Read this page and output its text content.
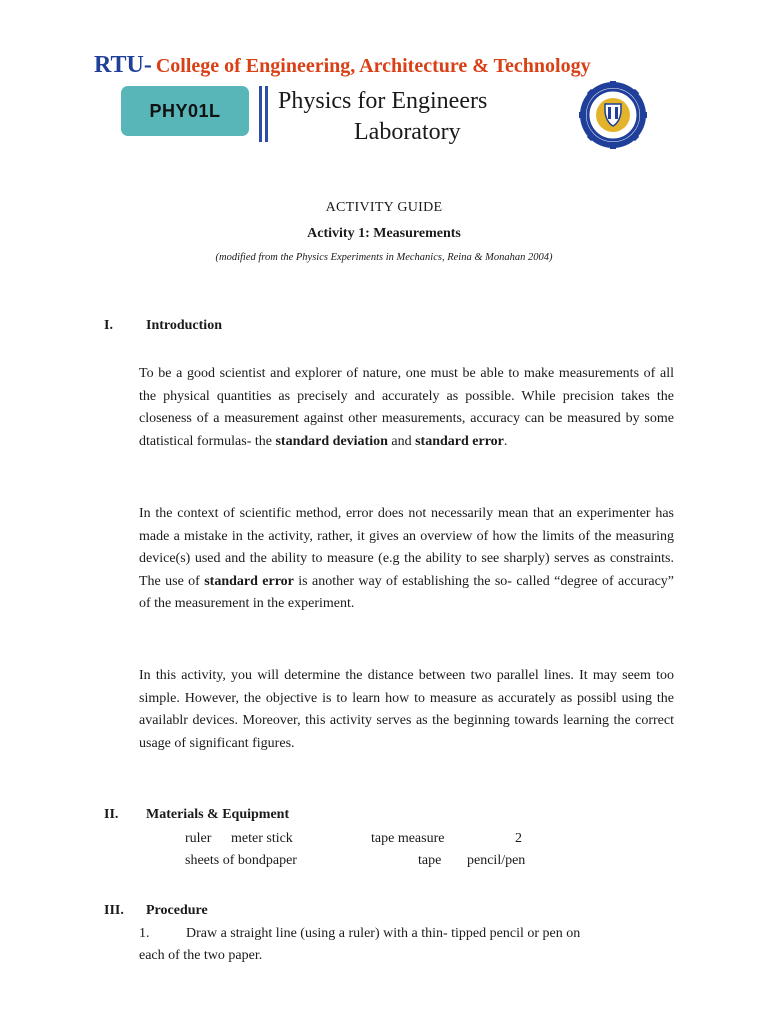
RTU- College of Engineering, Architecture & Technology
PHY01L	Physics for Engineers
Laboratory
ACTIVITY GUIDE
Activity 1: Measurements
(modified from the Physics Experiments in Mechanics, Reina & Monahan 2004)
I. Introduction

To be a good scientist and explorer of nature, one must be able to make measurements of all the physical quantities as precisely and accurately as possible. While precision takes the closeness of a measurement against other measurements, accuracy can be measured by some dtatistical formulas- the standard deviation and standard error.

In the context of scientific method, error does not necessarily mean that an experimenter has made a mistake in the activity, rather, it gives an overview of how the limits of the measuring device(s) used and the ability to measure (e.g the ability to see sharply) serves as constraints. The use of standard error is another way of establishing the so- called “degree of accuracy” of the measurement in the experiment.

In this activity, you will determine the distance between two parallel lines. It may seem too simple. However, the objective is to learn how to measure as accurately as possibl using the availablr devices. Moreover, this activity serves as the beginning towards learning the correct usage of significant figures.

II. Materials & Equipment
ruler meter stick	tape measure	2
sheets of bondpaper	tape pencil/pen
III. Procedure
1.	Draw a straight line (using a ruler) with a thin- tipped pencil or pen on
each of the two paper.
